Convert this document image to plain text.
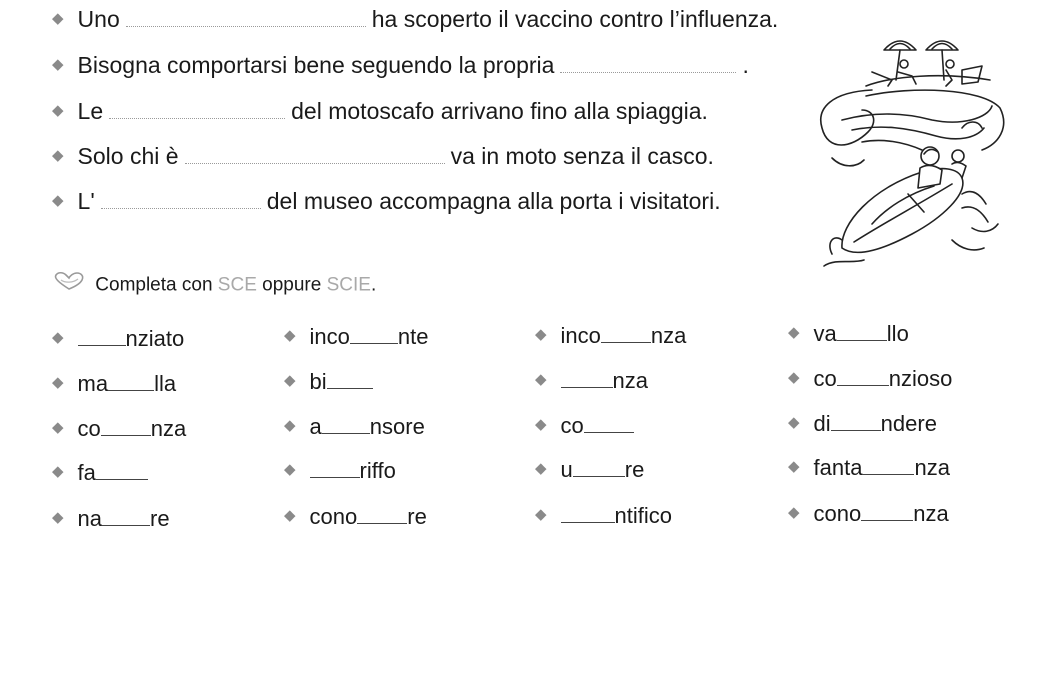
◆ Uno	ha scoperto il vaccino contro l’influenza.
◆ Bisogna comportarsi bene seguendo la propria	.
◆ Le	del motoscafo arrivano fino alla spiaggia.
◆ Solo chi è	va in moto senza il casco.
◆ L'	del museo accompagna alla porta i visitatori.
Completa con SCE oppure SCIE.
◆	nziato	◆ inco nte	◆ inco nza	◆ va llo
◆ ma lla	◆ bi	◆	nza	◆ co nzioso
◆ co nza	◆ a nsore	◆ co	◆ di ndere
◆ fa	◆	riffo	◆ u re	◆ fanta nza
◆ na re	◆ cono re	◆	ntifico	◆ cono nza
